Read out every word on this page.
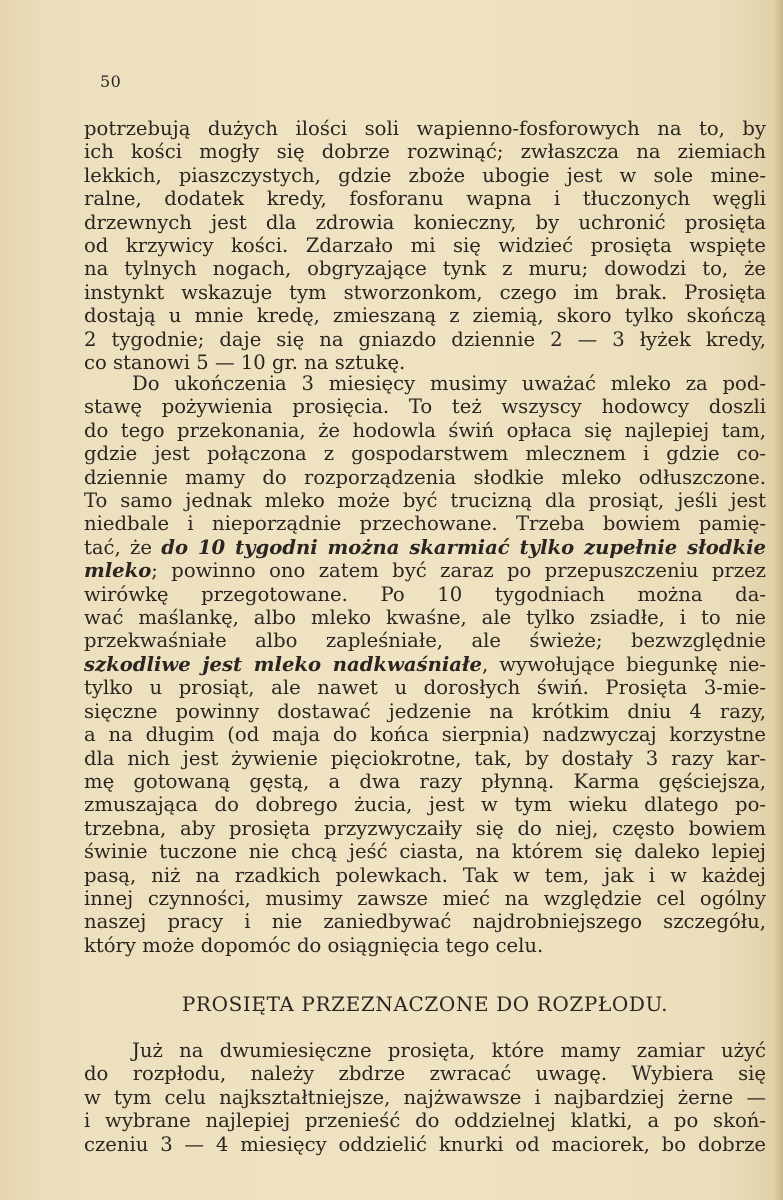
50
potrzebują dużych ilości soli wapienno-fosforowych na to, by
ich kości mogły się dobrze rozwinąć; zwłaszcza na ziemiach
lekkich, piaszczystych, gdzie zboże ubogie jest w sole mine-
ralne, dodatek kredy, fosforanu wapna i tłuczonych węgli
drzewnych jest dla zdrowia konieczny, by uchronić prosięta
od krzywicy kości. Zdarzało mi się widzieć prosięta wspięte
na tylnych nogach, obgryzające tynk z muru; dowodzi to, że
instynkt wskazuje tym stworzonkom, czego im brak. Prosięta
dostają u mnie kredę, zmieszaną z ziemią, skoro tylko skończą
2 tygodnie; daje się na gniazdo dziennie 2 — 3 łyżek kredy,
co stanowi 5 — 10 gr. na sztukę.
Do ukończenia 3 miesięcy musimy uważać mleko za pod-
stawę pożywienia prosięcia. To też wszyscy hodowcy doszli
do tego przekonania, że hodowla świń opłaca się najlepiej tam,
gdzie jest połączona z gospodarstwem mlecznem i gdzie co-
dziennie mamy do rozporządzenia słodkie mleko odłuszczone.
To samo jednak mleko może być trucizną dla prosiąt, jeśli jest
niedbale i nieporządnie przechowane. Trzeba bowiem pamię-
tać, że do 10 tygodni można skarmiać tylko zupełnie słodkie
mleko; powinno ono zatem być zaraz po przepuszczeniu przez
wirówkę przegotowane. Po 10 tygodniach można da-
wać maślankę, albo mleko kwaśne, ale tylko zsiadłe, i to nie
przekwaśniałe albo zapleśniałe, ale świeże; bezwzględnie
szkodliwe jest mleko nadkwaśniałe, wywołujące biegunkę nie-
tylko u prosiąt, ale nawet u dorosłych świń. Prosięta 3-mie-
sięczne powinny dostawać jedzenie na krótkim dniu 4 razy,
a na długim (od maja do końca sierpnia) nadzwyczaj korzystne
dla nich jest żywienie pięciokrotne, tak, by dostały 3 razy kar-
mę gotowaną gęstą, a dwa razy płynną. Karma gęściejsza,
zmuszająca do dobrego żucia, jest w tym wieku dlatego po-
trzebna, aby prosięta przyzwyczaiły się do niej, często bowiem
świnie tuczone nie chcą jeść ciasta, na którem się daleko lepiej
pasą, niż na rzadkich polewkach. Tak w tem, jak i w każdej
innej czynności, musimy zawsze mieć na względzie cel ogólny
naszej pracy i nie zaniedbywać najdrobniejszego szczegółu,
który może dopomóc do osiągnięcia tego celu.
PROSIĘTA PRZEZNACZONE DO ROZPŁODU.
Już na dwumiesięczne prosięta, które mamy zamiar użyć
do rozpłodu, należy zbdrze zwracać uwagę. Wybiera się
w tym celu najkształtniejsze, najżwawsze i najbardziej żerne —
i wybrane najlepiej przenieść do oddzielnej klatki, a po skoń-
czeniu 3 — 4 miesięcy oddzielić knurki od maciorek, bo dobrze
